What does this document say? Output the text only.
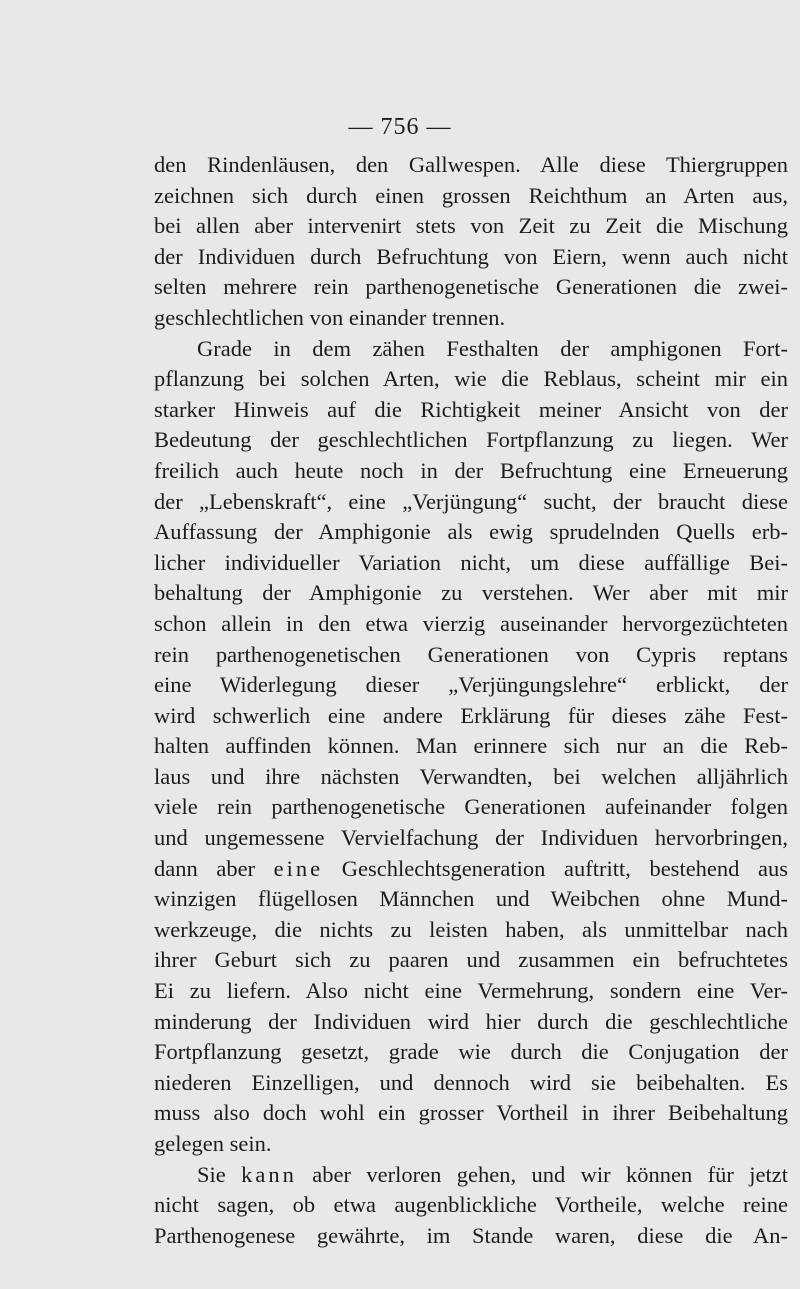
— 756 —
den Rindenläusen, den Gallwespen. Alle diese Thiergruppen
zeichnen sich durch einen grossen Reichthum an Arten aus,
bei allen aber intervenirt stets von Zeit zu Zeit die Mischung
der Individuen durch Befruchtung von Eiern, wenn auch nicht
selten mehrere rein parthenogenetische Generationen die zwei-
geschlechtlichen von einander trennen.
Grade in dem zähen Festhalten der amphigonen Fort-
pflanzung bei solchen Arten, wie die Reblaus, scheint mir ein
starker Hinweis auf die Richtigkeit meiner Ansicht von der
Bedeutung der geschlechtlichen Fortpflanzung zu liegen. Wer
freilich auch heute noch in der Befruchtung eine Erneuerung
der „Lebenskraft“, eine „Verjüngung“ sucht, der braucht diese
Auffassung der Amphigonie als ewig sprudelnden Quells erb-
licher individueller Variation nicht, um diese auffällige Bei-
behaltung der Amphigonie zu verstehen. Wer aber mit mir
schon allein in den etwa vierzig auseinander hervorgezüchteten
rein parthenogenetischen Generationen von Cypris reptans
eine Widerlegung dieser „Verjüngungslehre“ erblickt, der
wird schwerlich eine andere Erklärung für dieses zähe Fest-
halten auffinden können. Man erinnere sich nur an die Reb-
laus und ihre nächsten Verwandten, bei welchen alljährlich
viele rein parthenogenetische Generationen aufeinander folgen
und ungemessene Vervielfachung der Individuen hervorbringen,
dann aber eine Geschlechtsgeneration auftritt, bestehend aus
winzigen flügellosen Männchen und Weibchen ohne Mund-
werkzeuge, die nichts zu leisten haben, als unmittelbar nach
ihrer Geburt sich zu paaren und zusammen ein befruchtetes
Ei zu liefern. Also nicht eine Vermehrung, sondern eine Ver-
minderung der Individuen wird hier durch die geschlechtliche
Fortpflanzung gesetzt, grade wie durch die Conjugation der
niederen Einzelligen, und dennoch wird sie beibehalten. Es
muss also doch wohl ein grosser Vortheil in ihrer Beibehaltung
gelegen sein.
Sie kann aber verloren gehen, und wir können für jetzt
nicht sagen, ob etwa augenblickliche Vortheile, welche reine
Parthenogenese gewährte, im Stande waren, diese die An-
